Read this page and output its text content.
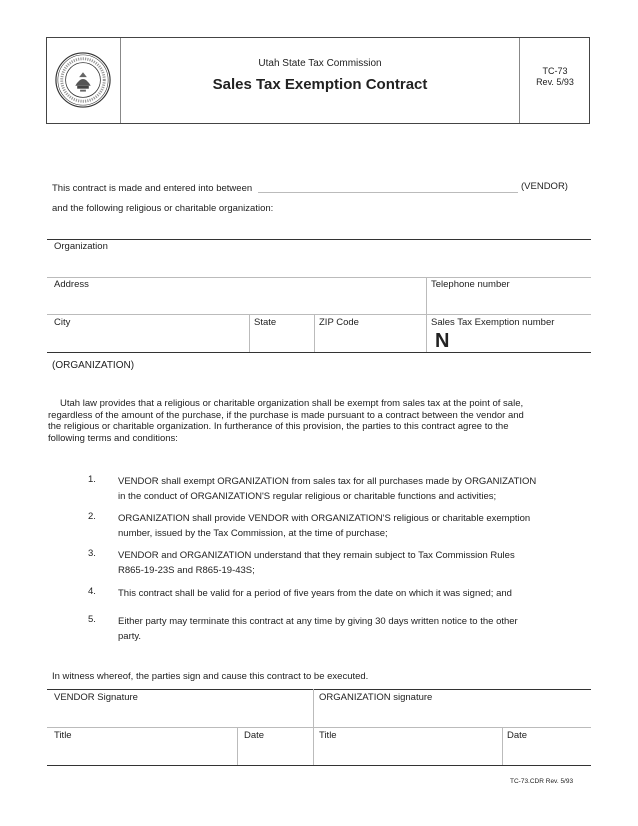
Utah State Tax Commission
Sales Tax Exemption Contract
TC-73
Rev. 5/93
This contract is made and entered into between	(VENDOR)
and the following religious or charitable organization:
Organization
Address	Telephone number
City	State	ZIP Code	Sales Tax Exemption number
N
(ORGANIZATION)
Utah law provides that a religious or charitable organization shall be exempt from sales tax at the point of sale, regardless of the amount of the purchase, if the purchase is made pursuant to a contract between the vendor and the religious or charitable organization. In furtherance of this provision, the parties to this contract agree to the following terms and conditions:
1.	VENDOR shall exempt ORGANIZATION from sales tax for all purchases made by ORGANIZATION in the conduct of ORGANIZATION'S regular religious or charitable functions and activities;
2.	ORGANIZATION shall provide VENDOR with ORGANIZATION'S religious or charitable exemption number, issued by the Tax Commission, at the time of purchase;
3.	VENDOR and ORGANIZATION understand that they remain subject to Tax Commission Rules R865-19-23S and R865-19-43S;
4.	This contract shall be valid for a period of five years from the date on which it was signed; and
5.	Either party may terminate this contract at any time by giving 30 days written notice to the other party.
In witness whereof, the parties sign and cause this contract to be executed.
VENDOR Signature	ORGANIZATION signature
Title	Date	Title	Date
TC-73.CDR Rev. 5/93
